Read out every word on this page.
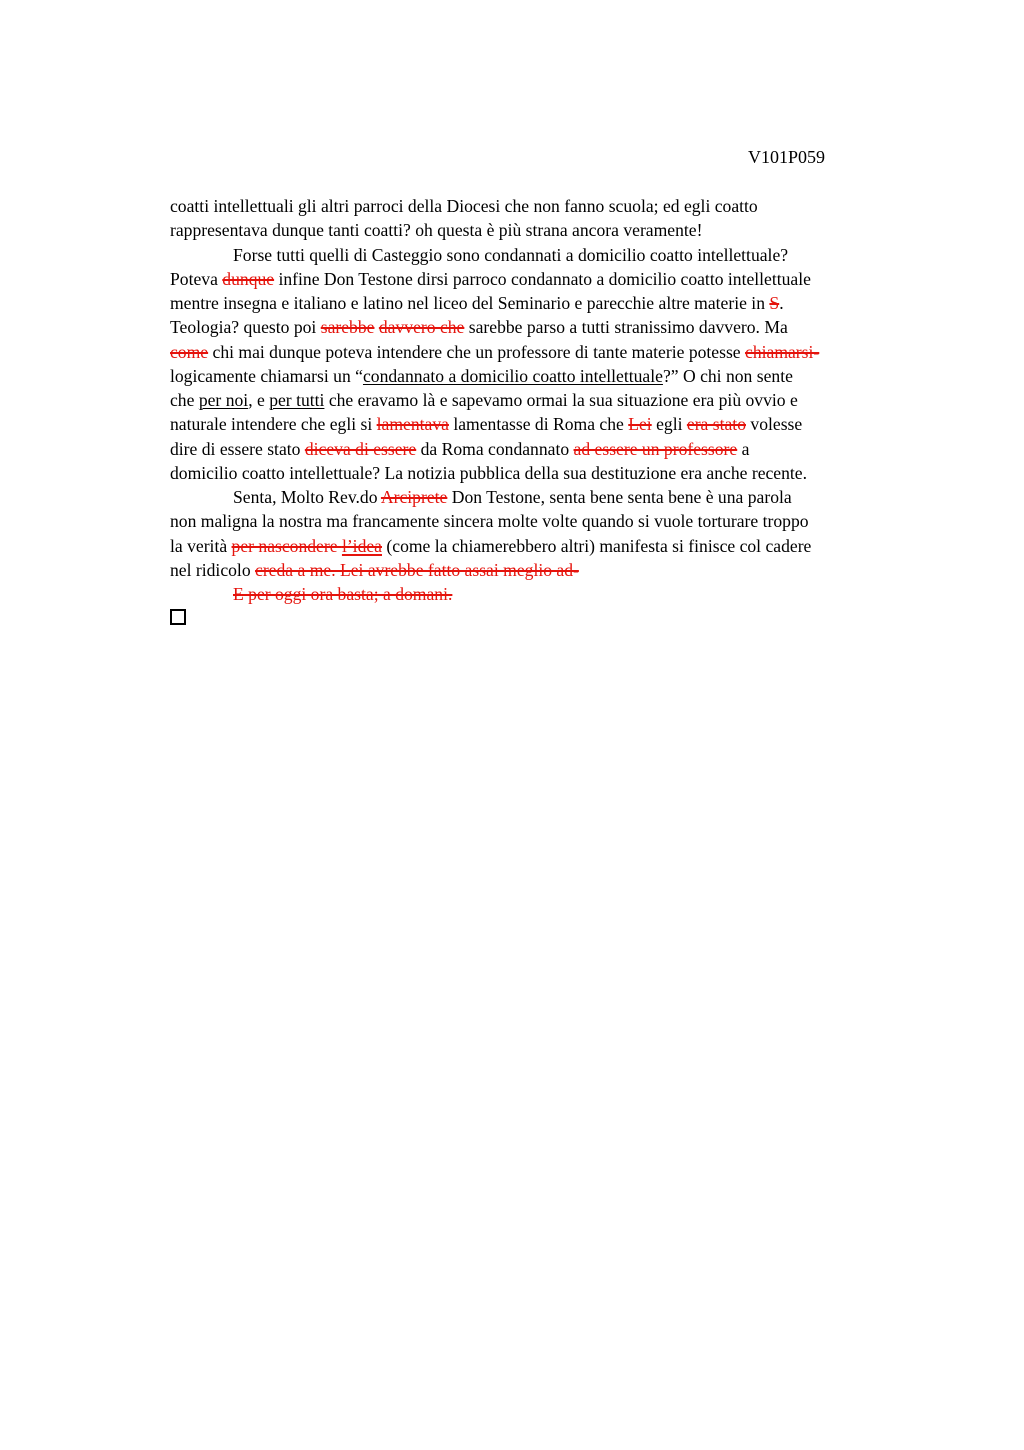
V101P059
coatti intellettuali gli altri parroci della Diocesi che non fanno scuola; ed egli coatto
rappresentava dunque tanti coatti? oh questa è più strana ancora veramente!
Forse tutti quelli di Casteggio sono condannati a domicilio coatto intellettuale?
Poteva dunque infine Don Testone dirsi parroco condannato a domicilio coatto intellettuale
mentre insegna e italiano e latino nel liceo del Seminario e parecchie altre materie in S.
Teologia? questo poi sarebbe davvero che sarebbe parso a tutti stranissimo davvero. Ma
come chi mai dunque poteva intendere che un professore di tante materie potesse chiamarsi-
logicamente chiamarsi un “condannato a domicilio coatto intellettuale?” O chi non sente
che per noi, e per tutti che eravamo là e sapevamo ormai la sua situazione era più ovvio e
naturale intendere che egli si lamentava lamentasse di Roma che Lei egli era stato volesse
dire di essere stato diceva di essere da Roma condannato ad essere un professore a
domicilio coatto intellettuale? La notizia pubblica della sua destituzione era anche recente.
Senta, Molto Rev.do Arciprete Don Testone, senta bene senta bene è una parola
non maligna la nostra ma francamente sincera molte volte quando si vuole torturare troppo
la verità per nascondere l’idea (come la chiamerebbero altri) manifesta si finisce col cadere
nel ridicolo creda a me. Lei avrebbe fatto assai meglio ad-
E per oggi ora basta; a domani.
